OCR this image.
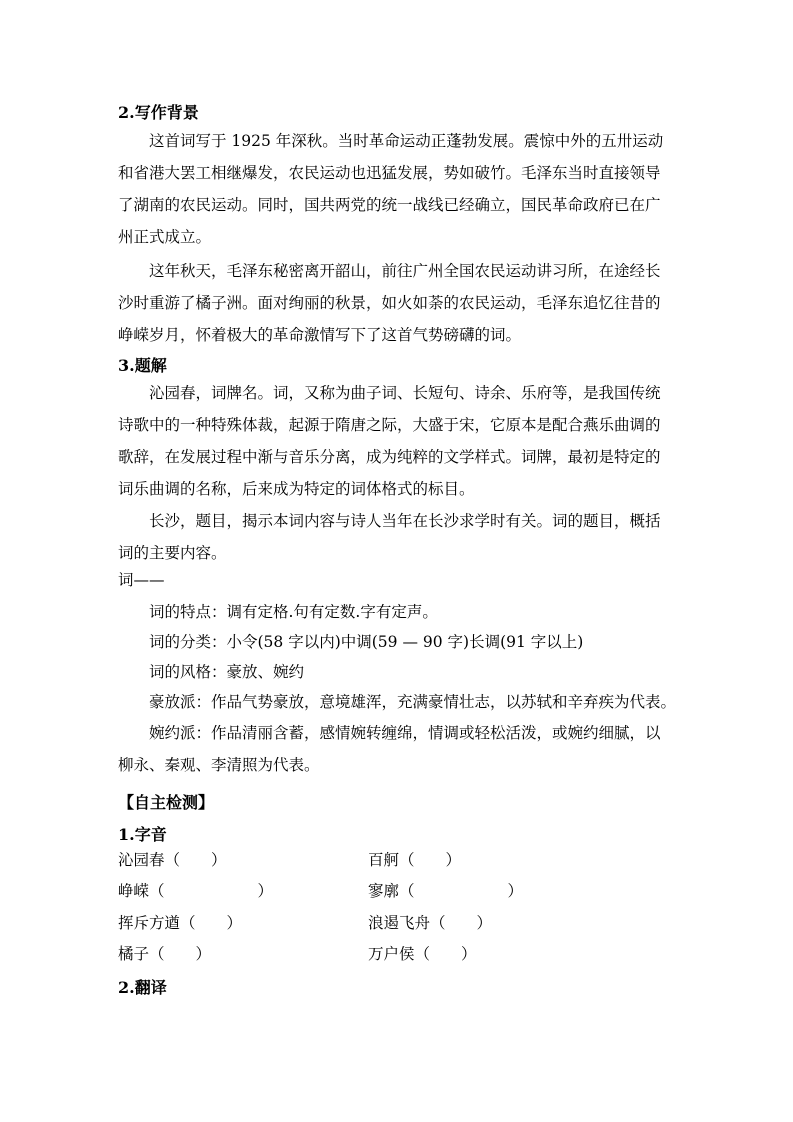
2.写作背景
这首词写于 1925 年深秋。当时革命运动正蓬勃发展。震惊中外的五卅运动
和省港大罢工相继爆发，农民运动也迅猛发展，势如破竹。毛泽东当时直接领导
了湖南的农民运动。同时，国共两党的统一战线已经确立，国民革命政府已在广
州正式成立。
这年秋天，毛泽东秘密离开韶山，前往广州全国农民运动讲习所，在途经长
沙时重游了橘子洲。面对绚丽的秋景，如火如荼的农民运动，毛泽东追忆往昔的
峥嵘岁月，怀着极大的革命激情写下了这首气势磅礴的词。
3.题解
沁园春，词牌名。词，又称为曲子词、长短句、诗余、乐府等，是我国传统
诗歌中的一种特殊体裁，起源于隋唐之际，大盛于宋，它原本是配合燕乐曲调的
歌辞，在发展过程中渐与音乐分离，成为纯粹的文学样式。词牌，最初是特定的
词乐曲调的名称，后来成为特定的词体格式的标目。
长沙，题目，揭示本词内容与诗人当年在长沙求学时有关。词的题目，概括
词的主要内容。
词——
词的特点：调有定格.句有定数.字有定声。
词的分类：小令(58 字以内)中调(59 — 90 字)长调(91 字以上)
词的风格：豪放、婉约
豪放派：作品气势豪放，意境雄浑，充满豪情壮志，以苏轼和辛弃疾为代表。
婉约派：作品清丽含蓄，感情婉转缠绵，情调或轻松活泼，或婉约细腻，以
柳永、秦观、李清照为代表。
【自主检测】
1.字音
沁园春（　　）	百舸（　　）
峥嵘（　　　　　　）	寥廓（　　　　　　）
挥斥方遒（　　）	浪遏飞舟（　　）
橘子（　　）	万户侯（　　）
2.翻译
